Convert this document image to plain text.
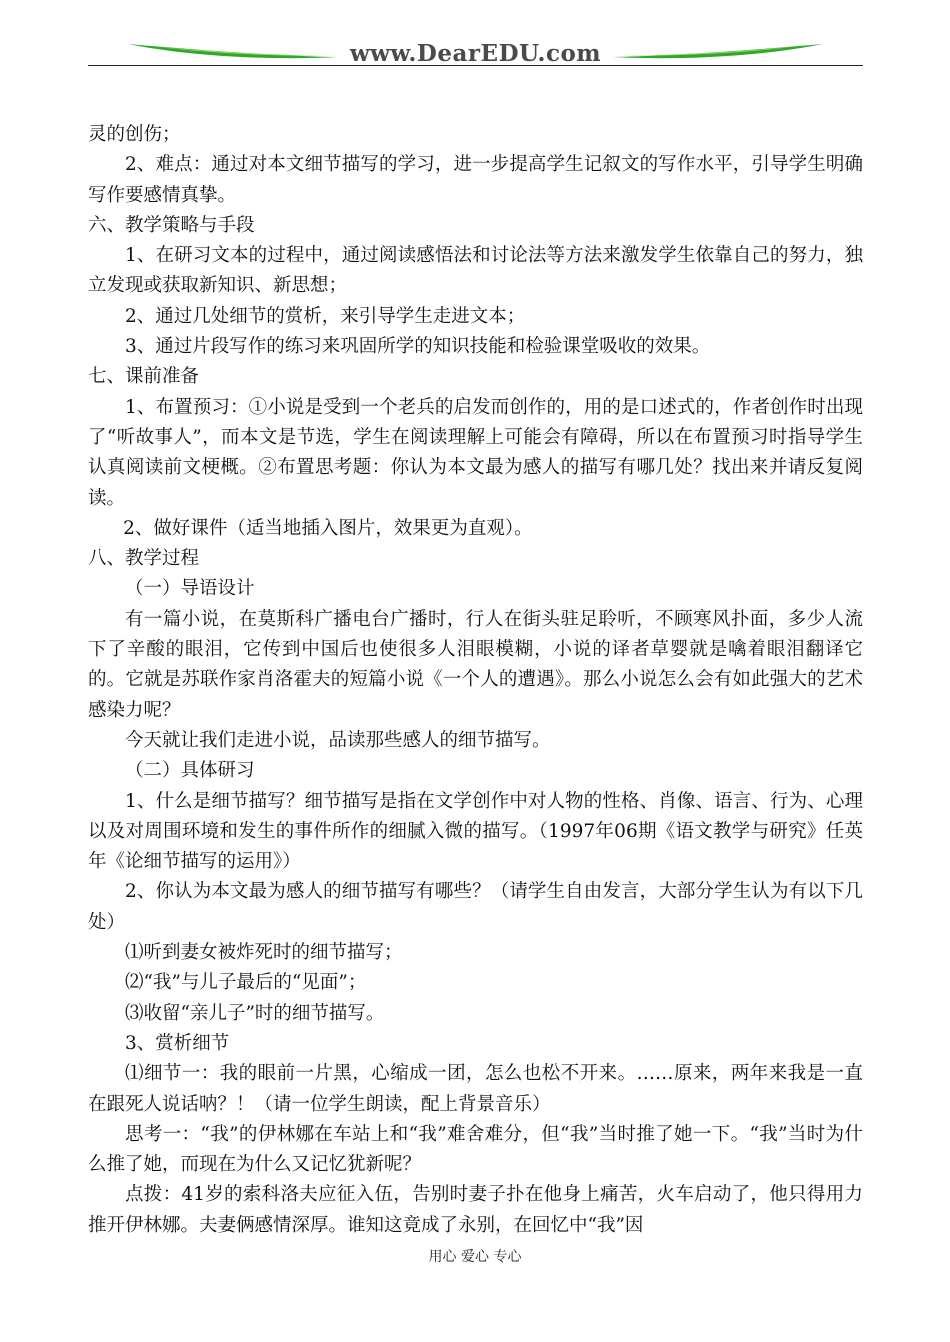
www.DearEDU.com

灵的创伤；

2、难点：通过对本文细节描写的学习，进一步提高学生记叙文的写作水平，引导学生明确写作要感情真挚。

六、教学策略与手段

1、在研习文本的过程中，通过阅读感悟法和讨论法等方法来激发学生依靠自己的努力，独立发现或获取新知识、新思想；

2、通过几处细节的赏析，来引导学生走进文本；

3、通过片段写作的练习来巩固所学的知识技能和检验课堂吸收的效果。

七、课前准备

1、布置预习：①小说是受到一个老兵的启发而创作的，用的是口述式的，作者创作时出现了“听故事人”，而本文是节选，学生在阅读理解上可能会有障碍，所以在布置预习时指导学生认真阅读前文梗概。②布置思考题：你认为本文最为感人的描写有哪几处？找出来并请反复阅读。

2、做好课件（适当地插入图片，效果更为直观）。

八、教学过程

（一）导语设计

有一篇小说，在莫斯科广播电台广播时，行人在街头驻足聆听，不顾寒风扑面，多少人流下了辛酸的眼泪，它传到中国后也使很多人泪眼模糊，小说的译者草婴就是噙着眼泪翻译它的。它就是苏联作家肖洛霍夫的短篇小说《一个人的遭遇》。那么小说怎么会有如此强大的艺术感染力呢？

今天就让我们走进小说，品读那些感人的细节描写。

（二）具体研习

1、什么是细节描写？细节描写是指在文学创作中对人物的性格、肖像、语言、行为、心理以及对周围环境和发生的事件所作的细腻入微的描写。（1997年06期《语文教学与研究》任英年《论细节描写的运用》）

2、你认为本文最为感人的细节描写有哪些？（请学生自由发言，大部分学生认为有以下几处）

⑴听到妻女被炸死时的细节描写；

⑵“我”与儿子最后的“见面”；

⑶收留“亲儿子”时的细节描写。

3、赏析细节

⑴细节一：我的眼前一片黑，心缩成一团，怎么也松不开来。……原来，两年来我是一直在跟死人说话呐？！（请一位学生朗读，配上背景音乐）

思考一：“我”的伊林娜在车站上和“我”难舍难分，但“我”当时推了她一下。“我”当时为什么推了她，而现在为什么又记忆犹新呢？

点拨：41岁的索科洛夫应征入伍，告别时妻子扑在他身上痛苦，火车启动了，他只得用力推开伊林娜。夫妻俩感情深厚。谁知这竟成了永别，在回忆中“我”因

用心 爱心 专心
